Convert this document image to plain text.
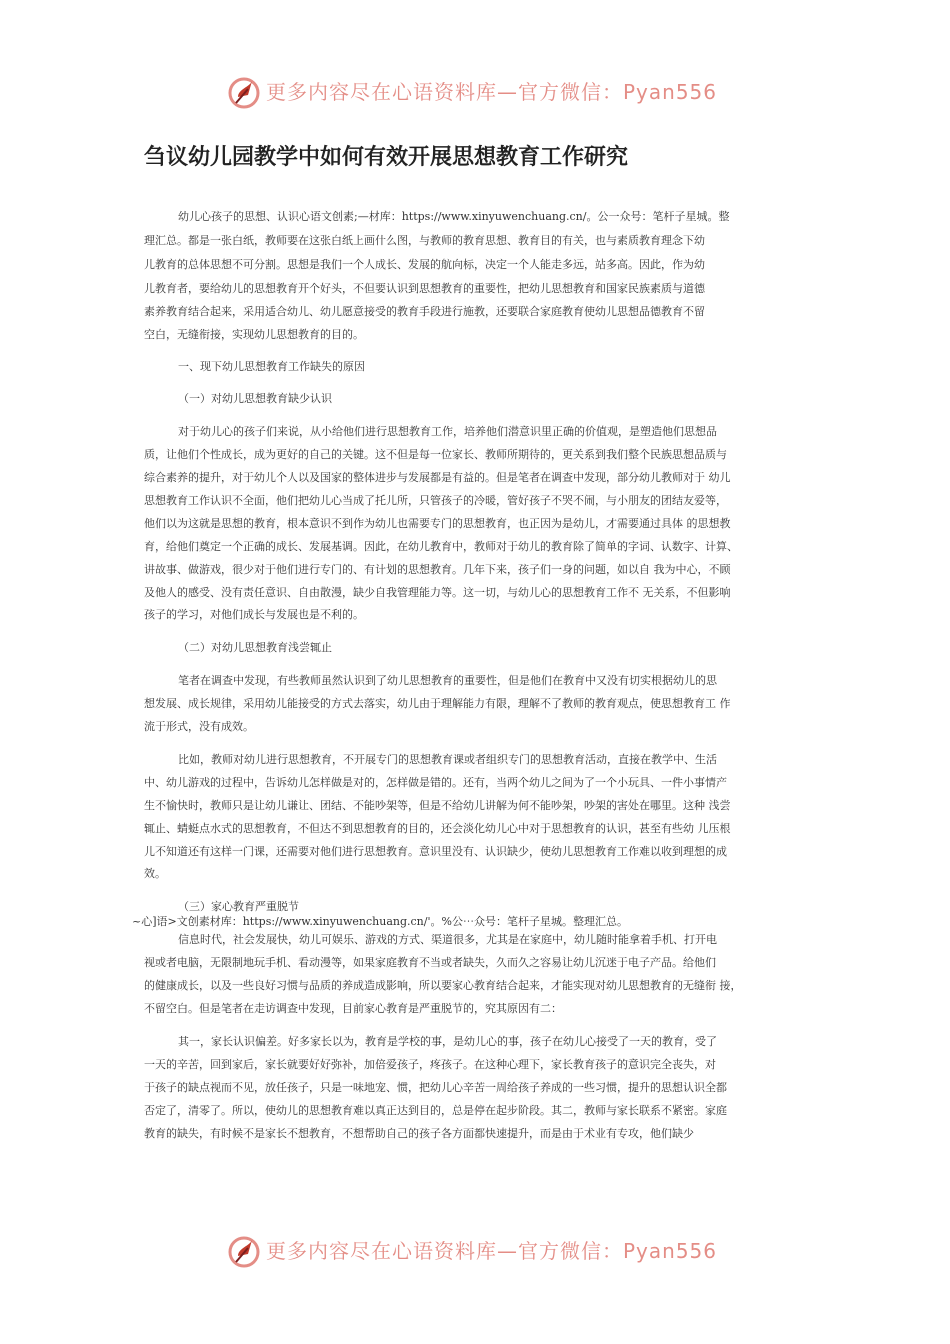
更多内容尽在心语资料库—官方微信：Pyan556
刍议幼儿园教学中如何有效开展思想教育工作研究
幼儿心孩子的思想、认识心语文创素;—材库：https://www.xinyuwenchuang.cn/。公一众号：笔杆子星城。整
理汇总。都是一张白纸，教师要在这张白纸上画什么图，与教师的教育思想、教育目的有关，也与素质教育理念下幼
儿教育的总体思想不可分割。思想是我们一个人成长、发展的航向标，决定一个人能走多远，站多高。因此，作为幼
儿教育者，要给幼儿的思想教育开个好头，不但要认识到思想教育的重要性，把幼儿思想教育和国家民族素质与道德
素养教育结合起来，采用适合幼儿、幼儿愿意接受的教育手段进行施教，还要联合家庭教育使幼儿思想品德教育不留
空白，无缝衔接，实现幼儿思想教育的目的。
一、现下幼儿思想教育工作缺失的原因
（一）对幼儿思想教育缺少认识
对于幼儿心的孩子们来说，从小给他们进行思想教育工作，培养他们潜意识里正确的价值观，是塑造他们思想品
质，让他们个性成长，成为更好的自己的关键。这不但是每一位家长、教师所期待的，更关系到我们整个民族思想品质与
综合素养的提升，对于幼儿个人以及国家的整体进步与发展都是有益的。但是笔者在调查中发现，部分幼儿教师对于 幼儿
思想教育工作认识不全面，他们把幼儿心当成了托儿所，只管孩子的冷暖，管好孩子不哭不闹，与小朋友的团结友爱等，
他们以为这就是思想的教育，根本意识不到作为幼儿也需要专门的思想教育，也正因为是幼儿，才需要通过具体 的思想教
育，给他们奠定一个正确的成长、发展基调。因此，在幼儿教育中，教师对于幼儿的教育除了简单的字词、认数字、计算、
讲故事、做游戏，很少对于他们进行专门的、有计划的思想教育。几年下来，孩子们一身的问题，如以自 我为中心，不顾
及他人的感受、没有责任意识、自由散漫，缺少自我管理能力等。这一切，与幼儿心的思想教育工作不 无关系，不但影响
孩子的学习，对他们成长与发展也是不利的。
（二）对幼儿思想教育浅尝辄止
笔者在调查中发现，有些教师虽然认识到了幼儿思想教育的重要性，但是他们在教育中又没有切实根据幼儿的思
想发展、成长规律，采用幼儿能接受的方式去落实，幼儿由于理解能力有限，理解不了教师的教育观点，使思想教育工 作
流于形式，没有成效。
比如，教师对幼儿进行思想教育，不开展专门的思想教育课或者组织专门的思想教育活动，直接在教学中、生活
中、幼儿游戏的过程中，告诉幼儿怎样做是对的，怎样做是错的。还有，当两个幼儿之间为了一个小玩具、一件小事情产
生不愉快时，教师只是让幼儿谦让、团结、不能吵架等，但是不给幼儿讲解为何不能吵架，吵架的害处在哪里。这种 浅尝
辄止、蜻蜓点水式的思想教育，不但达不到思想教育的目的，还会淡化幼儿心中对于思想教育的认识，甚至有些幼 儿压根
儿不知道还有这样一门课，还需要对他们进行思想教育。意识里没有、认识缺少，使幼儿思想教育工作难以收到理想的成
效。
（三）家心教育严重脱节
~心]语>文创素材库：https://www.xinyuwenchuang.cn/'。%公⋯众号：笔杆子星城。整理汇总。
信息时代，社会发展快，幼儿可娱乐、游戏的方式、渠道很多，尤其是在家庭中，幼儿随时能拿着手机、打开电
视或者电脑，无限制地玩手机、看动漫等，如果家庭教育不当或者缺失，久而久之容易让幼儿沉迷于电子产品。给他们
的健康成长，以及一些良好习惯与品质的养成造成影响，所以要家心教育结合起来，才能实现对幼儿思想教育的无缝衔 接，
不留空白。但是笔者在走访调查中发现，目前家心教育是严重脱节的，究其原因有二：
其一，家长认识偏差。好多家长以为，教育是学校的事，是幼儿心的事，孩子在幼儿心接受了一天的教育，受了
一天的辛苦，回到家后，家长就要好好弥补，加倍爱孩子，疼孩子。在这种心理下，家长教育孩子的意识完全丧失，对
于孩子的缺点视而不见，放任孩子，只是一味地宠、惯，把幼儿心辛苦一周给孩子养成的一些习惯，提升的思想认识全都
否定了，清零了。所以，使幼儿的思想教育难以真正达到目的，总是停在起步阶段。其二，教师与家长联系不紧密。家庭
教育的缺失，有时候不是家长不想教育，不想帮助自己的孩子各方面都快速提升，而是由于术业有专攻，他们缺少
更多内容尽在心语资料库—官方微信：Pyan556
